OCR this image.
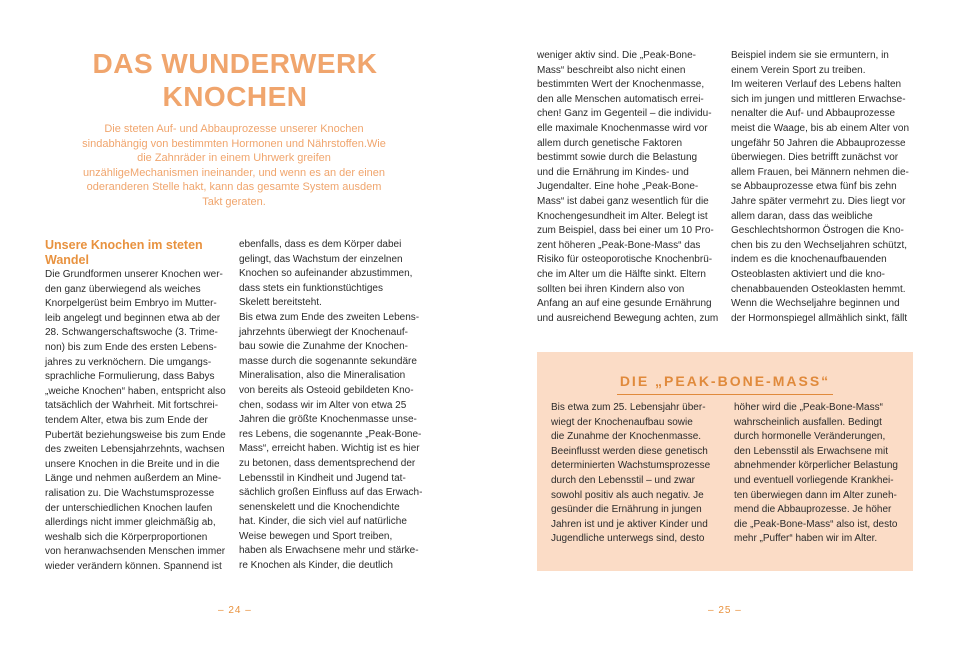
DAS WUNDERWERK
KNOCHEN

Die steten Auf- und Abbauprozesse unserer Knochen sindabhängig von bestimmten Hormonen und Nährstoffen.Wie die Zahnräder in einem Uhrwerk greifen unzähligeMechanismen ineinander, und wenn es an der einen oderanderen Stelle hakt, kann das gesamte System ausdem Takt geraten.

Unsere Knochen im steten
Wandel
Die Grundformen unserer Knochen wer-
den ganz überwiegend als weiches
Knorpelgerüst beim Embryo im Mutter-
leib angelegt und beginnen etwa ab der
28. Schwangerschaftswoche (3. Trime-
non) bis zum Ende des ersten Lebens-
jahres zu verknöchern. Die umgangs-
sprachliche Formulierung, dass Babys
„weiche Knochen“ haben, entspricht also
tatsächlich der Wahrheit. Mit fortschrei-
tendem Alter, etwa bis zum Ende der
Pubertät beziehungsweise bis zum Ende
des zweiten Lebensjahrzehnts, wachsen
unsere Knochen in die Breite und in die
Länge und nehmen außerdem an Mine-
ralisation zu. Die Wachstumsprozesse
der unterschiedlichen Knochen laufen
allerdings nicht immer gleichmäßig ab,
weshalb sich die Körperproportionen
von heranwachsenden Menschen immer
wieder verändern können. Spannend ist
ebenfalls, dass es dem Körper dabei
gelingt, das Wachstum der einzelnen
Knochen so aufeinander abzustimmen,
dass stets ein funktionstüchtiges
Skelett bereitsteht.
Bis etwa zum Ende des zweiten Lebens-
jahrzehnts überwiegt der Knochenauf-
bau sowie die Zunahme der Knochen-
masse durch die sogenannte sekundäre
Mineralisation, also die Mineralisation
von bereits als Osteoid gebildeten Kno-
chen, sodass wir im Alter von etwa 25
Jahren die größte Knochenmasse unse-
res Lebens, die sogenannte „Peak-Bone-
Mass“, erreicht haben. Wichtig ist es hier
zu betonen, dass dementsprechend der
Lebensstil in Kindheit und Jugend tat-
sächlich großen Einfluss auf das Erwach-
senenskelett und die Knochendichte
hat. Kinder, die sich viel auf natürliche
Weise bewegen und Sport treiben,
haben als Erwachsene mehr und stärke-
re Knochen als Kinder, die deutlich
– 24 –
weniger aktiv sind. Die „Peak-Bone-
Mass“ beschreibt also nicht einen
bestimmten Wert der Knochenmasse,
den alle Menschen automatisch errei-
chen! Ganz im Gegenteil – die individu-
elle maximale Knochenmasse wird vor
allem durch genetische Faktoren
bestimmt sowie durch die Belastung
und die Ernährung im Kindes- und
Jugendalter. Eine hohe „Peak-Bone-
Mass“ ist dabei ganz wesentlich für die
Knochengesundheit im Alter. Belegt ist
zum Beispiel, dass bei einer um 10 Pro-
zent höheren „Peak-Bone-Mass“ das
Risiko für osteoporotische Knochenbrü-
che im Alter um die Hälfte sinkt. Eltern
sollten bei ihren Kindern also von
Anfang an auf eine gesunde Ernährung
und ausreichend Bewegung achten, zum
Beispiel indem sie sie ermuntern, in
einem Verein Sport zu treiben.
Im weiteren Verlauf des Lebens halten
sich im jungen und mittleren Erwachse-
nenalter die Auf- und Abbauprozesse
meist die Waage, bis ab einem Alter von
ungefähr 50 Jahren die Abbauprozesse
überwiegen. Dies betrifft zunächst vor
allem Frauen, bei Männern nehmen die-
se Abbauprozesse etwa fünf bis zehn
Jahre später vermehrt zu. Dies liegt vor
allem daran, dass das weibliche
Geschlechtshormon Östrogen die Kno-
chen bis zu den Wechseljahren schützt,
indem es die knochenaufbauenden
Osteoblasten aktiviert und die kno-
chenabbauenden Osteoklasten hemmt.
Wenn die Wechseljahre beginnen und
der Hormonspiegel allmählich sinkt, fällt

DIE „PEAK-BONE-MASS“

Bis etwa zum 25. Lebensjahr über-
wiegt der Knochenaufbau sowie
die Zunahme der Knochenmasse.
Beeinflusst werden diese genetisch
determinierten Wachstumsprozesse
durch den Lebensstil – und zwar
sowohl positiv als auch negativ. Je
gesünder die Ernährung in jungen
Jahren ist und je aktiver Kinder und
Jugendliche unterwegs sind, desto
höher wird die „Peak-Bone-Mass“
wahrscheinlich ausfallen. Bedingt
durch hormonelle Veränderungen,
den Lebensstil als Erwachsene mit
abnehmender körperlicher Belastung
und eventuell vorliegende Krankhei-
ten überwiegen dann im Alter zuneh-
mend die Abbauprozesse. Je höher
die „Peak-Bone-Mass“ also ist, desto
mehr „Puffer“ haben wir im Alter.
– 25 –
